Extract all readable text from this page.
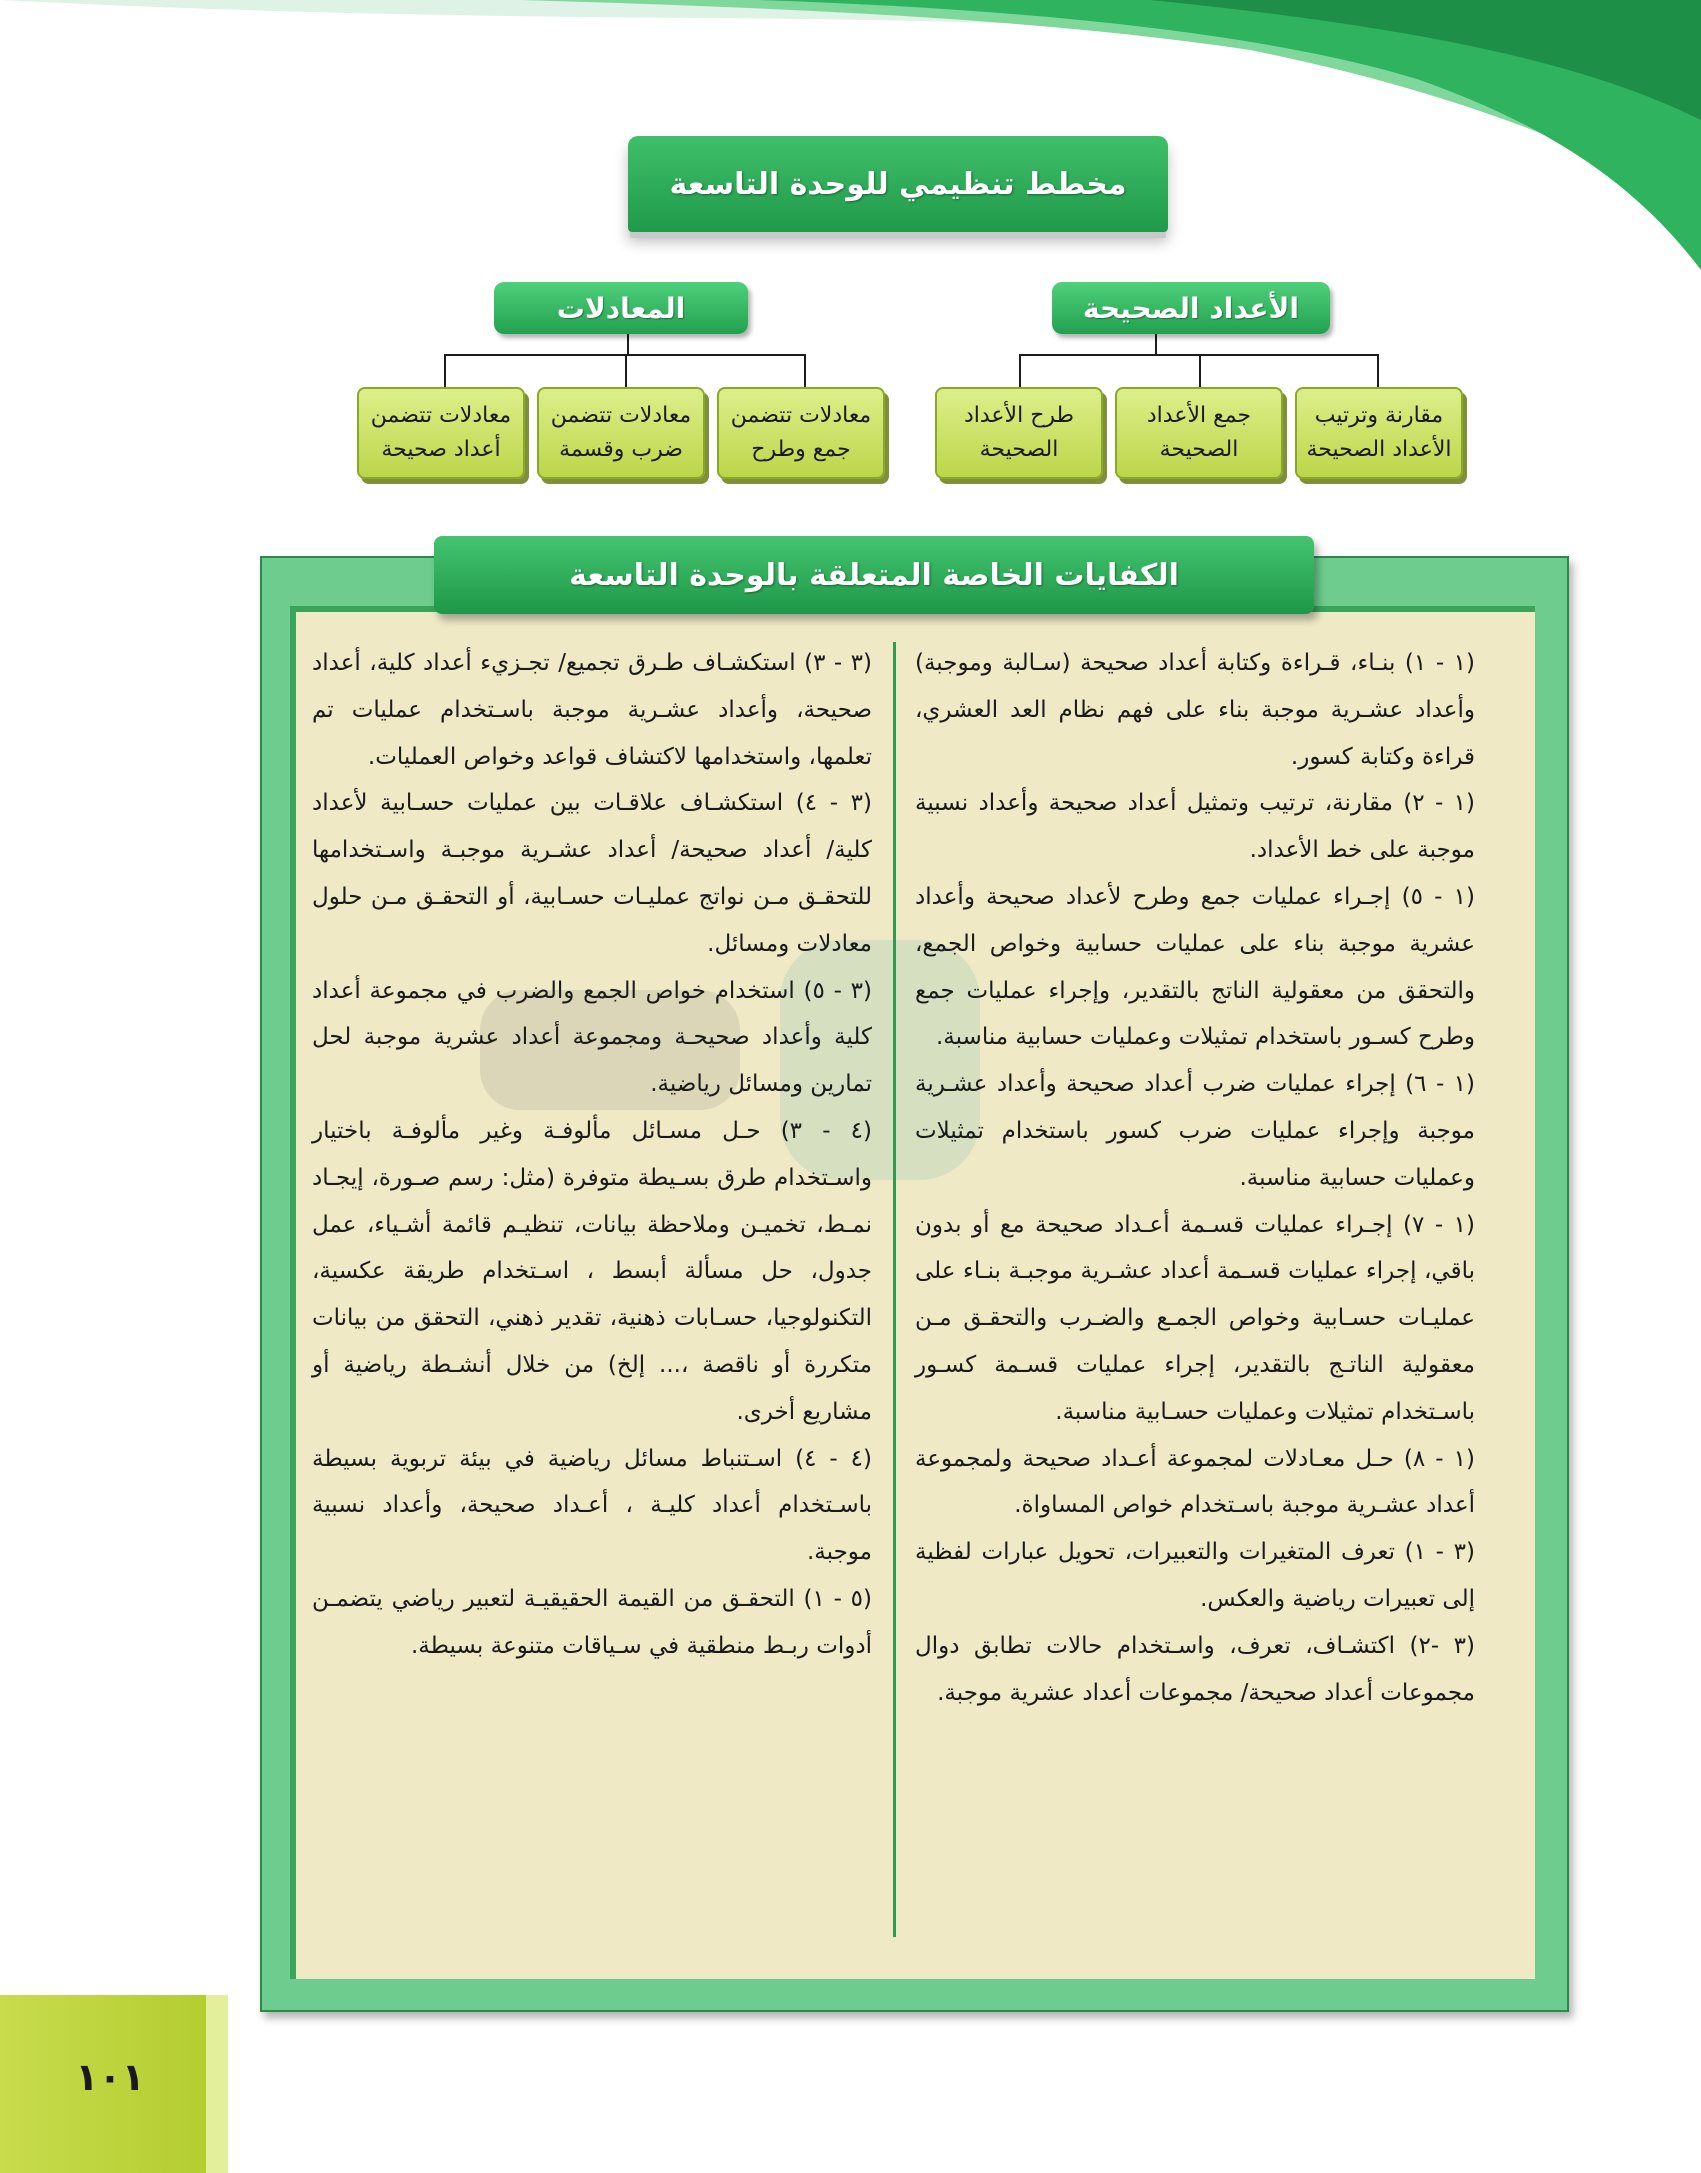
مخطط تنظيمي للوحدة التاسعة
الأعداد الصحيحة
المعادلات
مقارنة وترتيب الأعداد الصحيحة
جمع الأعداد الصحيحة
طرح الأعداد الصحيحة
معادلات تتضمن جمع وطرح
معادلات تتضمن ضرب وقسمة
معادلات تتضمن أعداد صحيحة
الكفايات الخاصة المتعلقة بالوحدة التاسعة

(١ - ١) بنـاء، قـراءة وكتابة أعداد صحيحة (سـالبة وموجبة) وأعداد عشـرية موجبة بناء على فهم نظام العد العشري، قراءة وكتابة كسور.

(١ - ٢) مقارنة، ترتيب وتمثيل أعداد صحيحة وأعداد نسبية موجبة على خط الأعداد.

(١ - ٥) إجـراء عمليات جمع وطرح لأعداد صحيحة وأعداد عشرية موجبة بناء على عمليات حسابية وخواص الجمع، والتحقق من معقولية الناتج بالتقدير، وإجراء عمليات جمع وطرح كسـور باستخدام تمثيلات وعمليات حسابية مناسبة.

(١ - ٦) إجراء عمليات ضرب أعداد صحيحة وأعداد عشـرية موجبة وإجراء عمليات ضرب كسور باستخدام تمثيلات وعمليات حسابية مناسبة.

(١ - ٧) إجـراء عمليات قسـمة أعـداد صحيحة مع أو بدون باقي، إجراء عمليات قسـمة أعداد عشـرية موجبـة بنـاء على عمليـات حسـابية وخواص الجمـع والضـرب والتحقـق مـن معقولية الناتـج بالتقدير، إجراء عمليات قسـمة كسـور باسـتخدام تمثيلات وعمليات حسـابية مناسبة.

(١ - ٨) حـل معـادلات لمجموعة أعـداد صحيحة ولمجموعة أعداد عشـرية موجبة باسـتخدام خواص المساواة.

(٣ - ١) تعرف المتغيرات والتعبيرات، تحويل عبارات لفظية إلى تعبيرات رياضية والعكس.

(٣ -٢) اكتشـاف، تعرف، واسـتخدام حالات تطابق دوال مجموعات أعداد صحيحة/ مجموعات أعداد عشرية موجبة.

(٣ - ٣) استكشـاف طـرق تجميع/ تجـزيء أعداد كلية، أعداد صحيحة، وأعداد عشـرية موجبة باسـتخدام عمليات تم تعلمها، واستخدامها لاكتشاف قواعد وخواص العمليات.

(٣ - ٤) استكشـاف علاقـات بين عمليات حسـابية لأعداد كلية/ أعداد صحيحة/ أعداد عشـرية موجبـة واسـتخدامها للتحقـق مـن نواتج عمليـات حسـابية، أو التحقـق مـن حلول معادلات ومسائل.

(٣ - ٥) استخدام خواص الجمع والضرب في مجموعة أعداد كلية وأعداد صحيحـة ومجموعة أعداد عشرية موجبة لحل تمارين ومسائل رياضية.

(٤ - ٣) حـل مسـائل مألوفـة وغير مألوفـة باختيار واسـتخدام طرق بسـيطة متوفرة (مثل: رسم صـورة، إيجـاد نمـط، تخميـن وملاحظة بيانات، تنظيـم قائمة أشـياء، عمل جدول، حل مسألة أبسط ، اسـتخدام طريقة عكسية، التكنولوجيا، حسـابات ذهنية، تقدير ذهني، التحقق من بيانات متكررة أو ناقصة ،... إلخ) من خلال أنشـطة رياضية أو مشاريع أخرى.

(٤ - ٤) اسـتنباط مسائل رياضية في بيئة تربوية بسيطة باسـتخدام أعداد كليـة ، أعـداد صحيحة، وأعداد نسبية موجبة.

(٥ - ١) التحقـق من القيمة الحقيقيـة لتعبير رياضي يتضمـن أدوات ربـط منطقية في سـياقات متنوعة بسيطة.

١٠١
